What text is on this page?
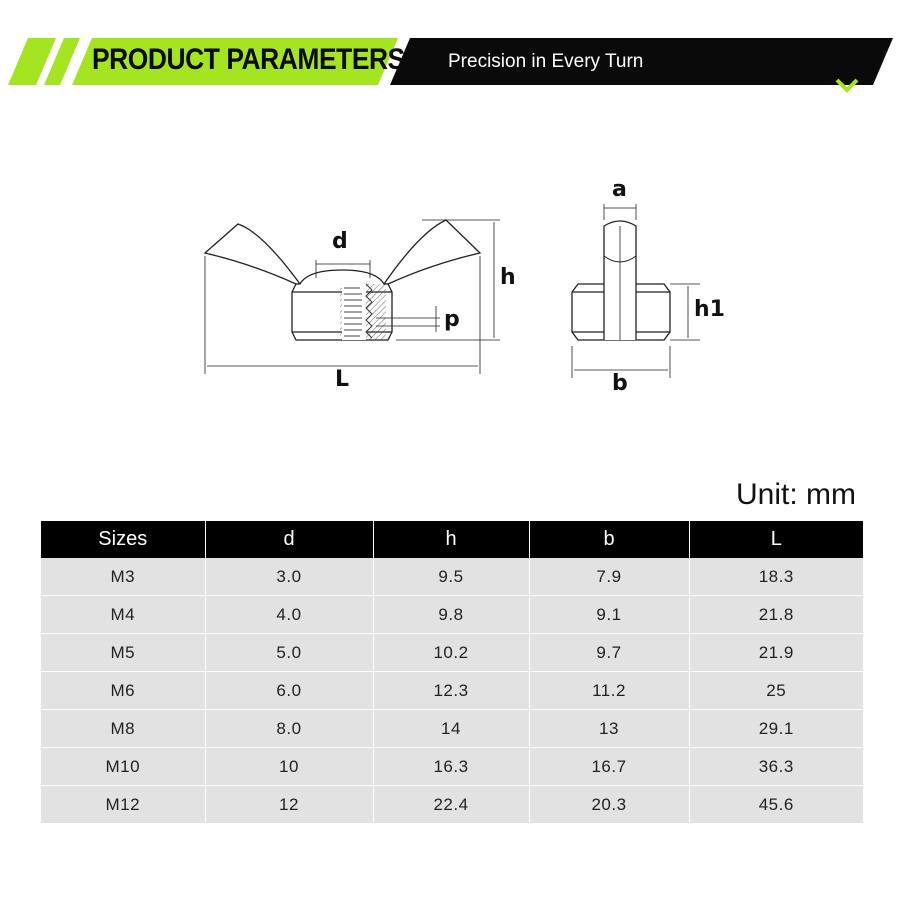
PRODUCT PARAMETERS Precision in Every Turn
d
h
p
L
a
h1
b
Unit: mm
Sizes	d	h	b	L
M3	3.0	9.5	7.9	18.3
M4	4.0	9.8	9.1	21.8
M5	5.0	10.2	9.7	21.9
M6	6.0	12.3	11.2	25
M8	8.0	14	13	29.1
M10	10	16.3	16.7	36.3
M12	12	22.4	20.3	45.6
